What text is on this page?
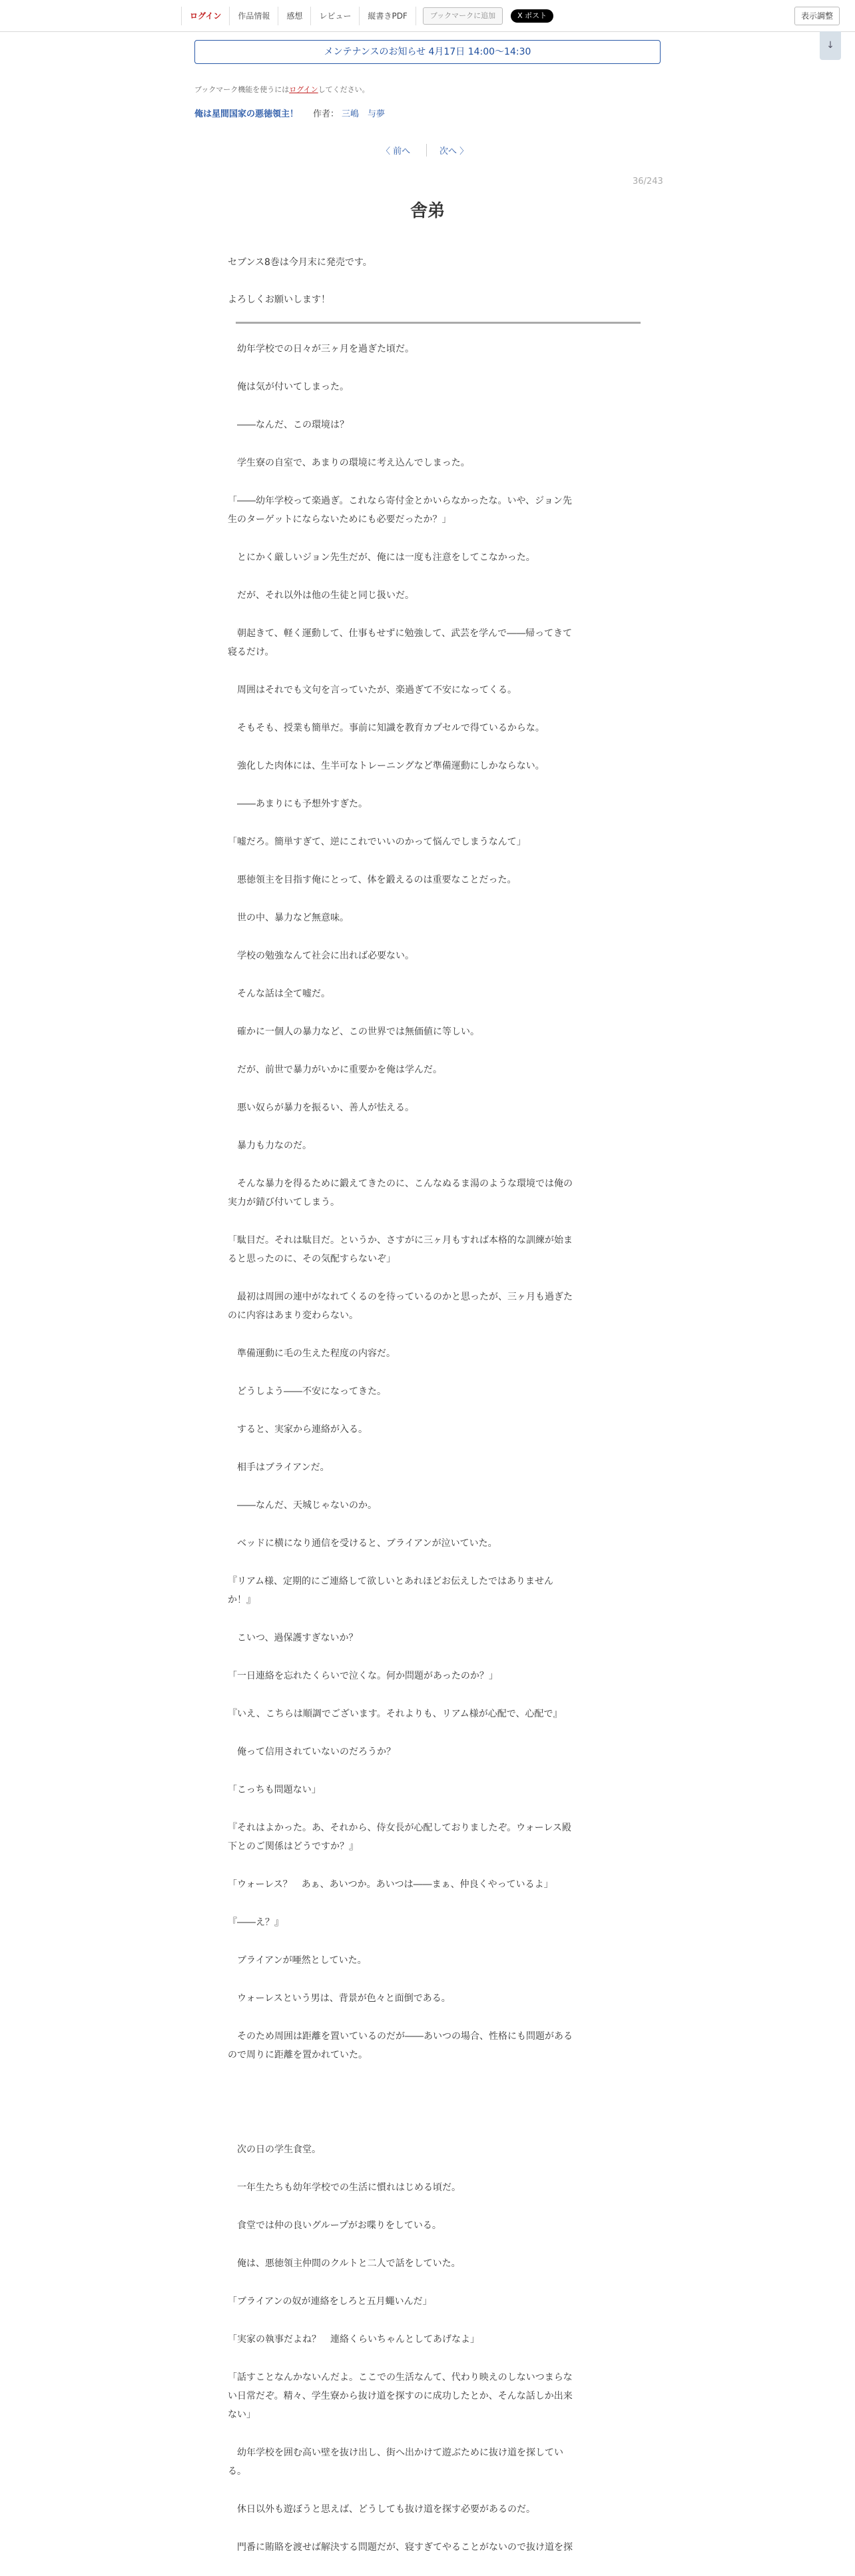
ログイン	作品情報	感想	レビュー	縦書きPDF	ブックマークに追加	X ポスト	表示調整
↓
メンテナンスのお知らせ 4月17日 14:00～14:30
ブックマーク機能を使うにはログインしてください。
俺は星間国家の悪徳領主！ 作者： 三嶋　与夢
〈 前へ	次へ 〉
36/243
舎弟

セブンス8巻は今月末に発売です。

よろしくお願いします！

　幼年学校での日々が三ヶ月を過ぎた頃だ。

　俺は気が付いてしまった。

　――なんだ、この環境は？

　学生寮の自室で、あまりの環境に考え込んでしまった。

「――幼年学校って楽過ぎ。これなら寄付金とかいらなかったな。いや、ジョン先
生のターゲットにならないためにも必要だったか？」

　とにかく厳しいジョン先生だが、俺には一度も注意をしてこなかった。

　だが、それ以外は他の生徒と同じ扱いだ。

　朝起きて、軽く運動して、仕事もせずに勉強して、武芸を学んで――帰ってきて
寝るだけ。

　周囲はそれでも文句を言っていたが、楽過ぎて不安になってくる。

　そもそも、授業も簡単だ。事前に知識を教育カプセルで得ているからな。

　強化した肉体には、生半可なトレーニングなど準備運動にしかならない。

　――あまりにも予想外すぎた。

「嘘だろ。簡単すぎて、逆にこれでいいのかって悩んでしまうなんて」

　悪徳領主を目指す俺にとって、体を鍛えるのは重要なことだった。

　世の中、暴力など無意味。

　学校の勉強なんて社会に出れば必要ない。

　そんな話は全て嘘だ。

　確かに一個人の暴力など、この世界では無価値に等しい。

　だが、前世で暴力がいかに重要かを俺は学んだ。

　悪い奴らが暴力を振るい、善人が怯える。

　暴力も力なのだ。

　そんな暴力を得るために鍛えてきたのに、こんなぬるま湯のような環境では俺の
実力が錆び付いてしまう。

「駄目だ。それは駄目だ。というか、さすがに三ヶ月もすれば本格的な訓練が始ま
ると思ったのに、その気配すらないぞ」

　最初は周囲の連中がなれてくるのを待っているのかと思ったが、三ヶ月も過ぎた
のに内容はあまり変わらない。

　準備運動に毛の生えた程度の内容だ。

　どうしよう――不安になってきた。

　すると、実家から連絡が入る。

　相手はブライアンだ。

　――なんだ、天城じゃないのか。

　ベッドに横になり通信を受けると、ブライアンが泣いていた。

『リアム様、定期的にご連絡して欲しいとあれほどお伝えしたではありません
か！』

　こいつ、過保護すぎないか？

「一日連絡を忘れたくらいで泣くな。何か問題があったのか？」

『いえ、こちらは順調でございます。それよりも、リアム様が心配で、心配で』

　俺って信用されていないのだろうか？

「こっちも問題ない」

『それはよかった。あ、それから、侍女長が心配しておりましたぞ。ウォーレス殿
下とのご関係はどうですか？』

「ウォーレス？　あぁ、あいつか。あいつは――まぁ、仲良くやっているよ」

『――え？』

　ブライアンが唖然としていた。

　ウォーレスという男は、背景が色々と面倒である。

　そのため周囲は距離を置いているのだが――あいつの場合、性格にも問題がある
ので周りに距離を置かれていた。

　次の日の学生食堂。

　一年生たちも幼年学校での生活に慣れはじめる頃だ。

　食堂では仲の良いグループがお喋りをしている。

　俺は、悪徳領主仲間のクルトと二人で話をしていた。

「ブライアンの奴が連絡をしろと五月蠅いんだ」

「実家の執事だよね？　連絡くらいちゃんとしてあげなよ」

「話すことなんかないんだよ。ここでの生活なんて、代わり映えのしないつまらな
い日常だぞ。精々、学生寮から抜け道を探すのに成功したとか、そんな話しか出来
ない」

　幼年学校を囲む高い壁を抜け出し、街へ出かけて遊ぶために抜け道を探してい
る。

　休日以外も遊ぼうと思えば、どうしても抜け道を探す必要があるのだ。

　門番に賄賂を渡せば解決する問題だが、寝すぎてやることがないので抜け道を探
